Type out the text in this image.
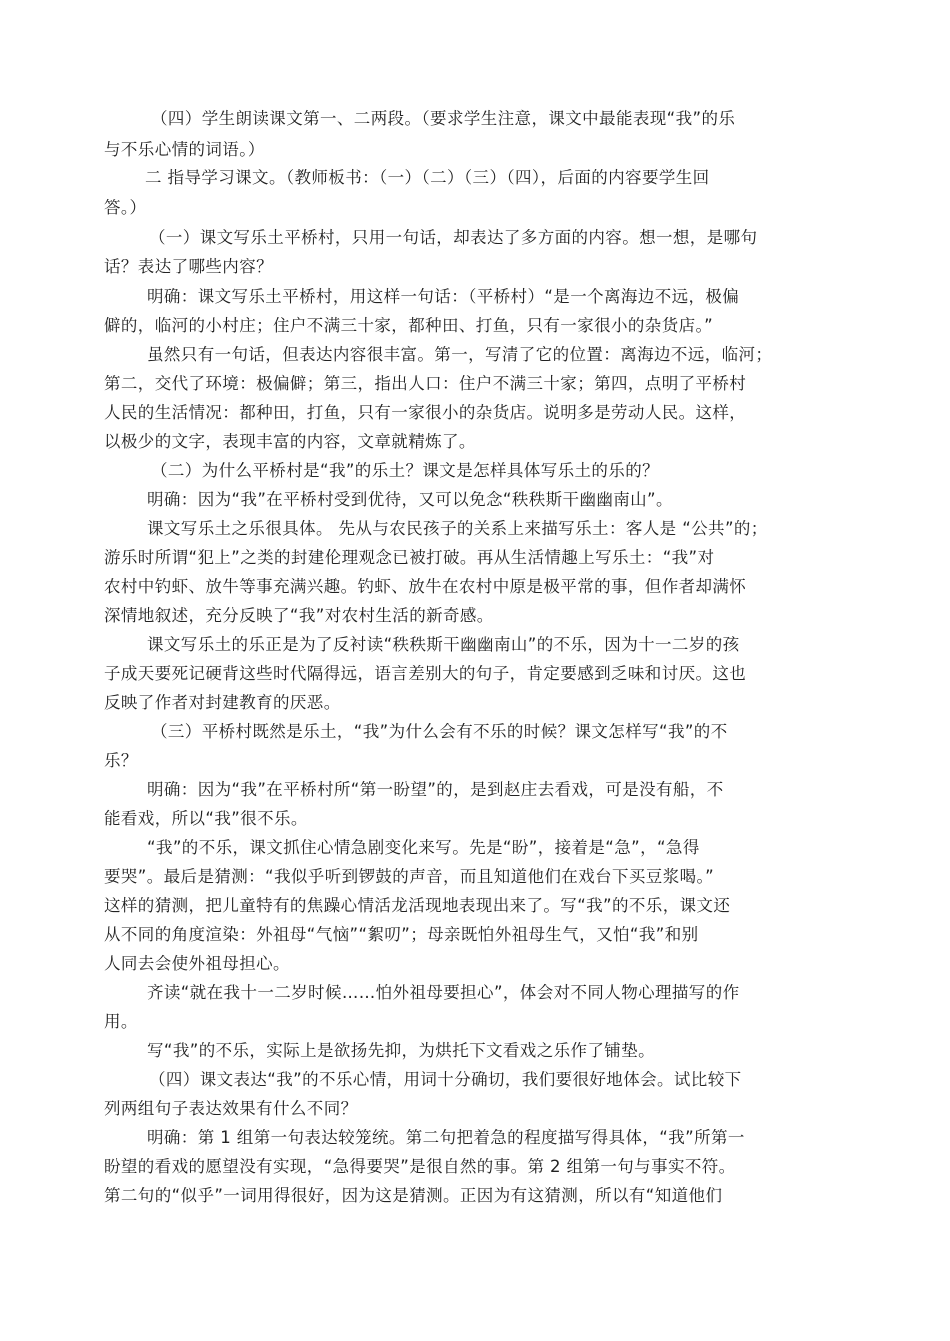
（四）学生朗读课文第一、二两段。（要求学生注意，课文中最能表现“我”的乐

与不乐心情的词语。）

二 指导学习课文。（教师板书：（一）（二）（三）（四），后面的内容要学生回

答。）

（一）课文写乐土平桥村，只用一句话，却表达了多方面的内容。想一想，是哪句

话？表达了哪些内容？

明确：课文写乐土平桥村，用这样一句话：（平桥村）“是一个离海边不远，极偏

僻的，临河的小村庄；住户不满三十家，都种田、打鱼，只有一家很小的杂货店。”

虽然只有一句话，但表达内容很丰富。第一，写清了它的位置：离海边不远，临河；

第二，交代了环境：极偏僻；第三，指出人口：住户不满三十家；第四，点明了平桥村

人民的生活情况：都种田，打鱼，只有一家很小的杂货店。说明多是劳动人民。这样，

以极少的文字，表现丰富的内容，文章就精炼了。

（二）为什么平桥村是“我”的乐土？课文是怎样具体写乐土的乐的？

明确：因为“我”在平桥村受到优待，又可以免念“秩秩斯干幽幽南山”。

课文写乐土之乐很具体。 先从与农民孩子的关系上来描写乐土：客人是 “公共”的；

游乐时所谓“犯上”之类的封建伦理观念已被打破。再从生活情趣上写乐土：“我”对

农村中钓虾、放牛等事充满兴趣。钓虾、放牛在农村中原是极平常的事，但作者却满怀

深情地叙述，充分反映了“我”对农村生活的新奇感。

课文写乐土的乐正是为了反衬读“秩秩斯干幽幽南山”的不乐，因为十一二岁的孩

子成天要死记硬背这些时代隔得远，语言差别大的句子，肯定要感到乏味和讨厌。这也

反映了作者对封建教育的厌恶。

（三）平桥村既然是乐土，“我”为什么会有不乐的时候？课文怎样写“我”的不

乐？

明确：因为“我”在平桥村所“第一盼望”的，是到赵庄去看戏，可是没有船，不

能看戏，所以“我”很不乐。

“我”的不乐，课文抓住心情急剧变化来写。先是“盼”，接着是“急”，“急得

要哭”。最后是猜测：“我似乎听到锣鼓的声音，而且知道他们在戏台下买豆浆喝。”

这样的猜测，把儿童特有的焦躁心情活龙活现地表现出来了。写“我”的不乐，课文还

从不同的角度渲染：外祖母“气恼”“絮叨”；母亲既怕外祖母生气，又怕“我”和别

人同去会使外祖母担心。

齐读“就在我十一二岁时候……怕外祖母要担心”，体会对不同人物心理描写的作

用。

写“我”的不乐，实际上是欲扬先抑，为烘托下文看戏之乐作了铺垫。

（四）课文表达“我”的不乐心情，用词十分确切，我们要很好地体会。试比较下

列两组句子表达效果有什么不同？

明确：第 1 组第一句表达较笼统。第二句把着急的程度描写得具体，“我”所第一

盼望的看戏的愿望没有实现，“急得要哭”是很自然的事。第 2 组第一句与事实不符。

第二句的“似乎”一词用得很好，因为这是猜测。正因为有这猜测，所以有“知道他们
